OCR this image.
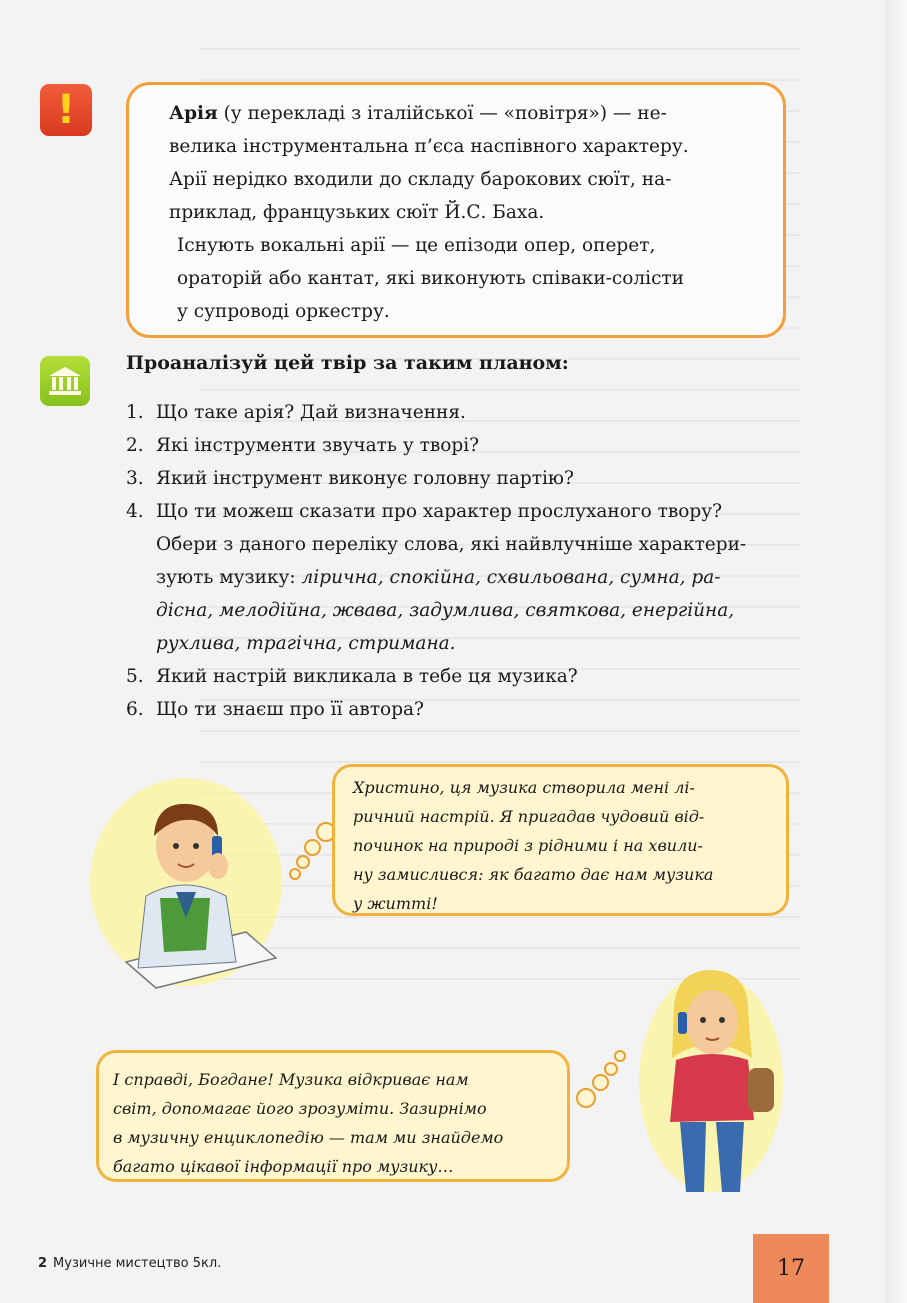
!	Арія (у перекладі з італійської — «повітря») — не-

велика інструментальна п’єса наспівного характеру.

Арії нерідко входили до складу барокових сюїт, на-

приклад, французьких сюїт Й.С. Баха.

Існують вокальні арії — це епізоди опер, оперет,

ораторій або кантат, які виконують співаки-солісти

у супроводі оркестру.

Проаналізуй цей твір за таким планом:
1. Що таке арія? Дай визначення.
2. Які інструменти звучать у творі?
3. Який інструмент виконує головну партію?
4. Що ти можеш сказати про характер прослуханого твору?
Обери з даного переліку слова, які найвлучніше характери-
зують музику: лірична, спокійна, схвильована, сумна, ра-
дісна, мелодійна, жвава, задумлива, святкова, енергійна,
рухлива, трагічна, стримана.
5. Який настрій викликала в тебе ця музика?
6. Що ти знаєш про її автора?
Христино, ця музика створила мені лі-
ричний настрій. Я пригадав чудовий від-
починок на природі з рідними і на хвили-
ну замислився: як багато дає нам музика
у житті!
І справді, Богдане! Музика відкриває нам
світ, допомагає його зрозуміти. Зазирнімо
в музичну енциклопедію — там ми знайдемо
багато цікавої інформації про музику…
2 Музичне мистецтво 5кл.	17
